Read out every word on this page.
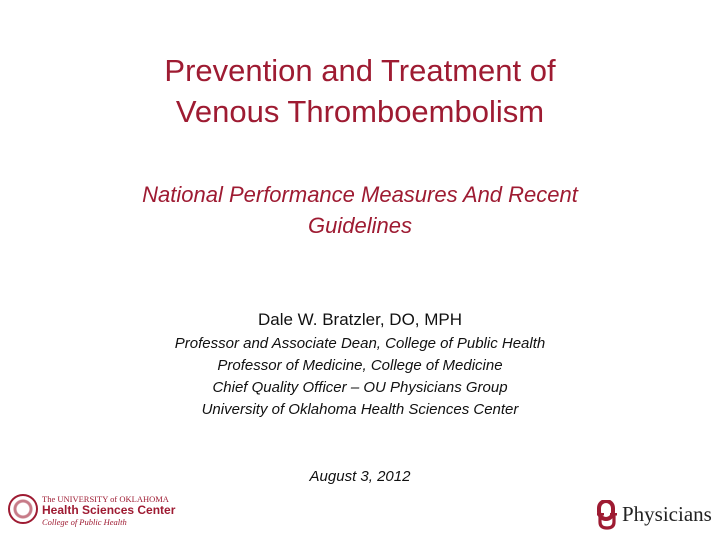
Prevention and Treatment of
Venous Thromboembolism
National Performance Measures And Recent
Guidelines
Dale W. Bratzler, DO, MPH
Professor and Associate Dean, College of Public Health
Professor of Medicine, College of Medicine
Chief Quality Officer – OU Physicians Group
University of Oklahoma Health Sciences Center
August 3, 2012
The UNIVERSITY of OKLAHOMA
Health Sciences Center
College of Public Health	Physicians
